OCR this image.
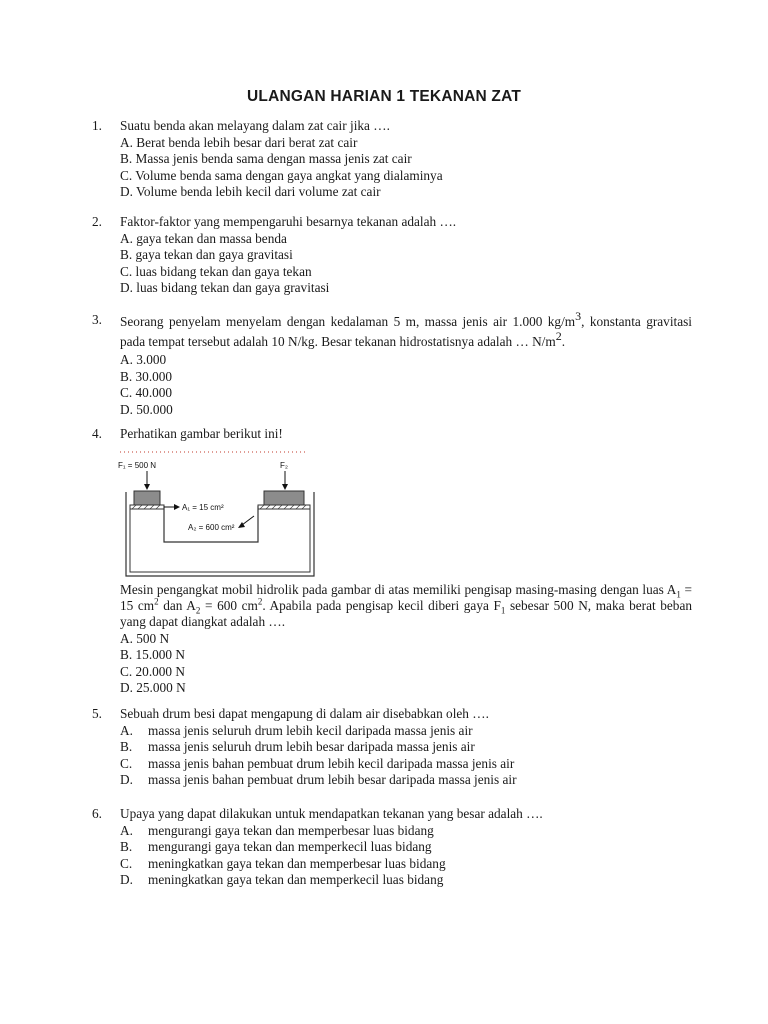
ULANGAN HARIAN 1 TEKANAN ZAT
1. Suatu benda akan melayang dalam zat cair jika ….
A. Berat benda lebih besar dari berat zat cair
B. Massa jenis benda sama dengan massa jenis zat cair
C. Volume benda sama dengan gaya angkat yang dialaminya
D. Volume benda lebih kecil dari volume zat cair
2. Faktor-faktor yang mempengaruhi besarnya tekanan adalah ….
A. gaya tekan dan massa benda
B. gaya tekan dan gaya gravitasi
C. luas bidang tekan dan gaya tekan
D. luas bidang tekan dan gaya gravitasi
3. Seorang penyelam menyelam dengan kedalaman 5 m, massa jenis air 1.000 kg/m3, konstanta gravitasi pada tempat tersebut adalah 10 N/kg. Besar tekanan hidrostatisnya adalah … N/m2.
A. 3.000
B. 30.000
C. 40.000
D. 50.000
4. Perhatikan gambar berikut ini!
F₁ = 500 N	F₂
A₁ = 15 cm²
A₂ = 600 cm²
Mesin pengangkat mobil hidrolik pada gambar di atas memiliki pengisap masing-masing dengan luas $A_1 = 15$ $cm^2$ dan $A_2 = 600$ $cm^2$. Apabila pada pengisap kecil diberi gaya $F_1$ sebesar 500 N, maka berat beban yang dapat diangkat adalah ….
A. 500 N
B. 15.000 N
C. 20.000 N
D. 25.000 N
5. Sebuah drum besi dapat mengapung di dalam air disebabkan oleh ….
A.	massa jenis seluruh drum lebih kecil daripada massa jenis air
B.	massa jenis seluruh drum lebih besar daripada massa jenis air
C.	massa jenis bahan pembuat drum lebih kecil daripada massa jenis air
D.	massa jenis bahan pembuat drum lebih besar daripada massa jenis air
6. Upaya yang dapat dilakukan untuk mendapatkan tekanan yang besar adalah ….
A.	mengurangi gaya tekan dan memperbesar luas bidang
B.	mengurangi gaya tekan dan memperkecil luas bidang
C.	meningkatkan gaya tekan dan memperbesar luas bidang
D.	meningkatkan gaya tekan dan memperkecil luas bidang
